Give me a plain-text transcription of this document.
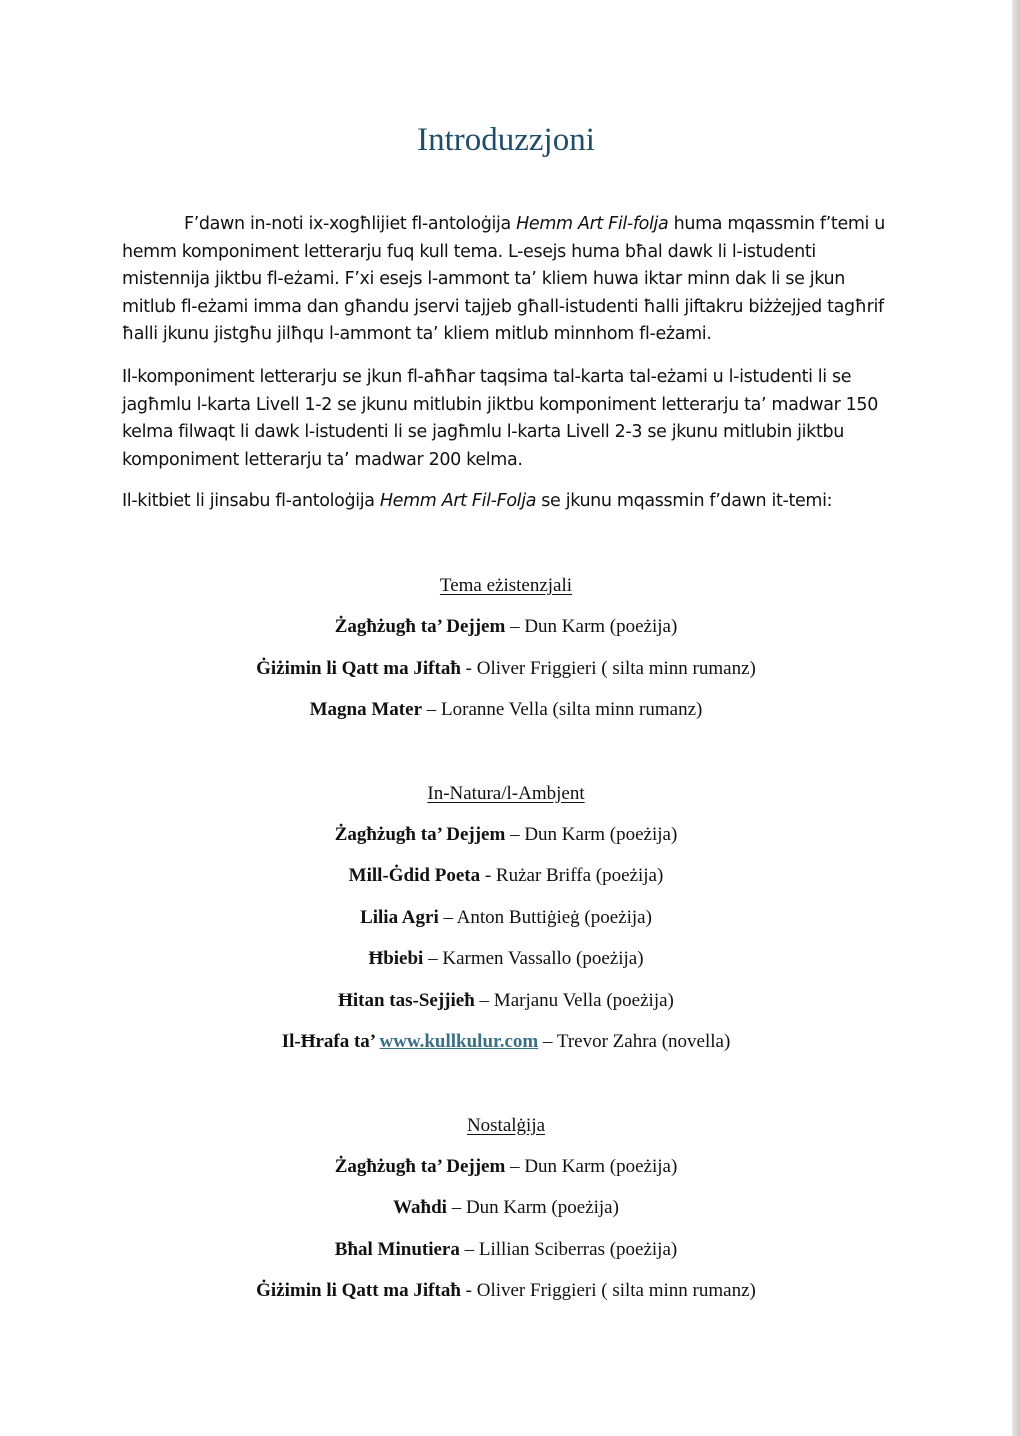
Introduzzjoni

F’dawn in-noti ix-xogħlijiet fl-antoloġija Hemm Art Fil-folja huma mqassmin f’temi u hemm komponiment letterarju fuq kull tema. L-esejs huma bħal dawk li l-istudenti mistennija jiktbu fl-eżami. F’xi esejs l-ammont ta’ kliem huwa iktar minn dak li se jkun mitlub fl-eżami imma dan għandu jservi tajjeb għall-istudenti ħalli jiftakru biżżejjed tagħrif ħalli jkunu jistgħu jilħqu l-ammont ta’ kliem mitlub minnhom fl-eżami.

Il-komponiment letterarju se jkun fl-aħħar taqsima tal-karta tal-eżami u l-istudenti li se jagħmlu l-karta Livell 1-2 se jkunu mitlubin jiktbu komponiment letterarju ta’ madwar 150 kelma filwaqt li dawk l-istudenti li se jagħmlu l-karta Livell 2-3 se jkunu mitlubin jiktbu komponiment letterarju ta’ madwar 200 kelma.

Il-kitbiet li jinsabu fl-antoloġija Hemm Art Fil-Folja se jkunu mqassmin f’dawn it-temi:

Tema eżistenzjali

Żagħżugħ ta’ Dejjem – Dun Karm (poeżija)

Ġiżimin li Qatt ma Jiftaħ - Oliver Friggieri ( silta minn rumanz)

Magna Mater – Loranne Vella (silta minn rumanz)

In-Natura/l-Ambjent

Żagħżugħ ta’ Dejjem – Dun Karm (poeżija)

Mill-Ġdid Poeta - Rużar Briffa (poeżija)

Lilia Agri – Anton Buttiġieġ (poeżija)

Ħbiebi – Karmen Vassallo (poeżija)

Ħitan tas-Sejjieħ – Marjanu Vella (poeżija)

Il-Ħrafa ta’ www.kullkulur.com – Trevor Zahra (novella)

Nostalġija

Żagħżugħ ta’ Dejjem – Dun Karm (poeżija)

Waħdi – Dun Karm (poeżija)

Bħal Minutiera – Lillian Sciberras (poeżija)

Ġiżimin li Qatt ma Jiftaħ - Oliver Friggieri ( silta minn rumanz)
